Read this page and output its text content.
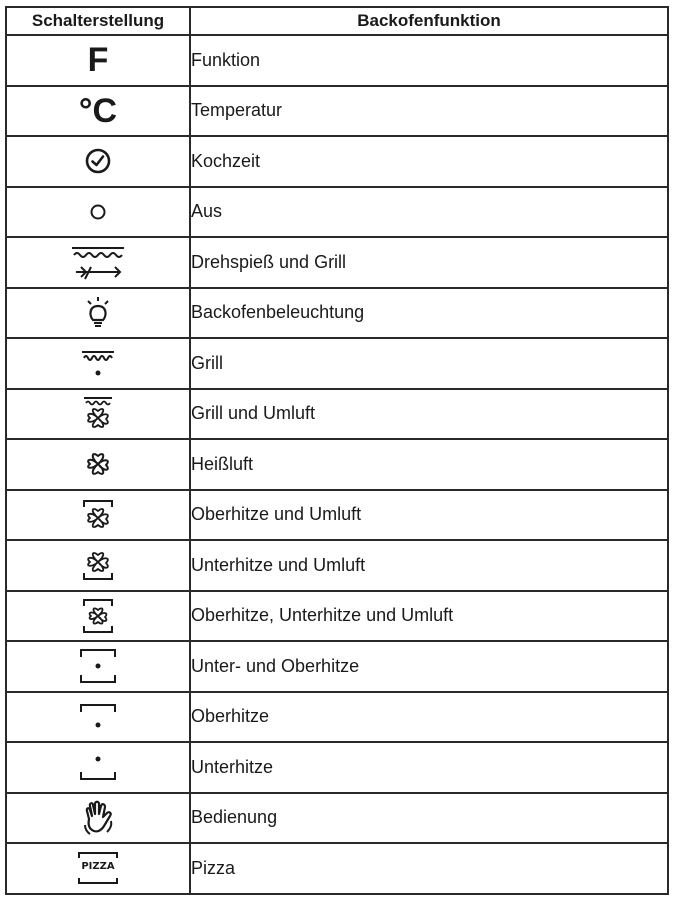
Schalterstellung	Backofenfunktion
F	Funktion
°C	Temperatur

	Kochzeit

	Aus

	Drehspieß und Grill

	Backofenbeleuchtung

	Grill

	Grill und Umluft

	Heißluft

	Oberhitze und Umluft

	Unterhitze und Umluft

	Oberhitze, Unterhitze und Umluft

	Unter- und Oberhitze

	Oberhitze

	Unterhitze

	Bedienung

PIZZA	Pizza
